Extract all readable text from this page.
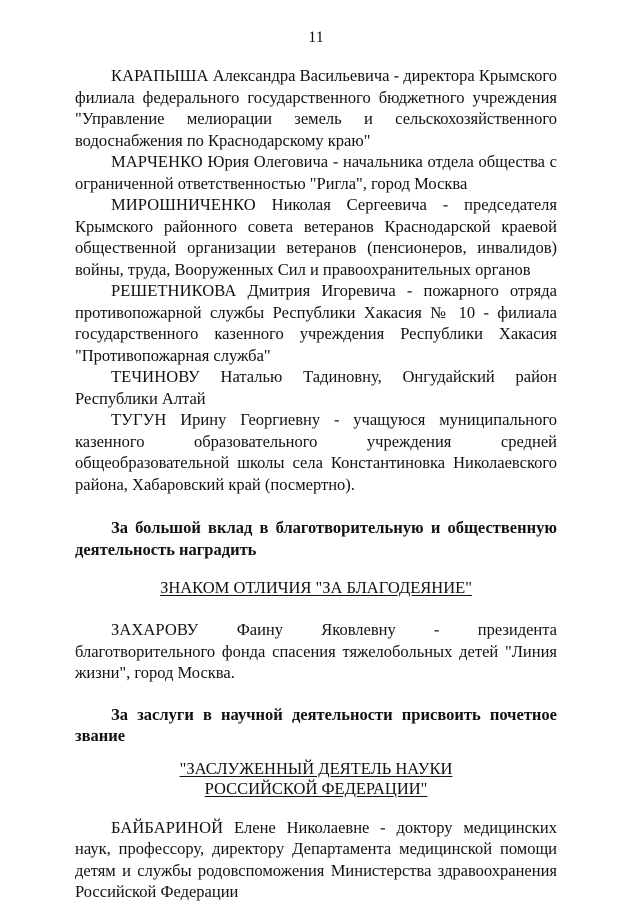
11

КАРАПЫША Александра Васильевича - директора Крымского филиала федерального государственного бюджетного учреждения "Управление мелиорации земель и сельскохозяйственного водоснабжения по Краснодарскому краю"

МАРЧЕНКО Юрия Олеговича - начальника отдела общества с ограниченной ответственностью "Ригла", город Москва

МИРОШНИЧЕНКО Николая Сергеевича - председателя Крымского районного совета ветеранов Краснодарской краевой общественной организации ветеранов (пенсионеров, инвалидов) войны, труда, Вооруженных Сил и правоохранительных органов

РЕШЕТНИКОВА Дмитрия Игоревича - пожарного отряда противопожарной службы Республики Хакасия № 10 - филиала государственного казенного учреждения Республики Хакасия "Противопожарная служба"

ТЕЧИНОВУ Наталью Тадиновну, Онгудайский район Республики Алтай

ТУГУН Ирину Георгиевну - учащуюся муниципального казенного образовательного учреждения средней общеобразовательной школы села Константиновка Николаевского района, Хабаровский край (посмертно).

За большой вклад в благотворительную и общественную деятельность наградить

ЗНАКОМ ОТЛИЧИЯ "ЗА БЛАГОДЕЯНИЕ"

ЗАХАРОВУ Фаину Яковлевну - президента благотворительного фонда спасения тяжелобольных детей "Линия жизни", город Москва.

За заслуги в научной деятельности присвоить почетное звание

"ЗАСЛУЖЕННЫЙ ДЕЯТЕЛЬ НАУКИ

РОССИЙСКОЙ ФЕДЕРАЦИИ"

БАЙБАРИНОЙ Елене Николаевне - доктору медицинских наук, профессору, директору Департамента медицинской помощи детям и службы родовспоможения Министерства здравоохранения Российской Федерации
